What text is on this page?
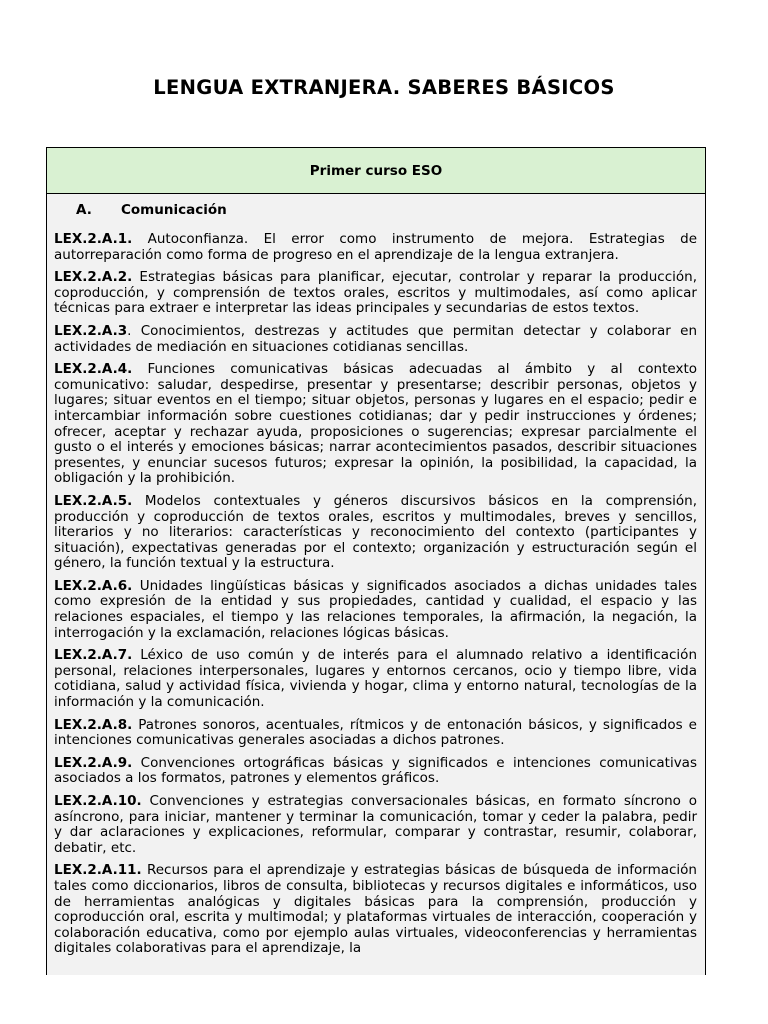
LENGUA EXTRANJERA. SABERES BÁSICOS
Primer curso ESO
A.	Comunicación

LEX.2.A.1. Autoconfianza. El error como instrumento de mejora. Estrategias de autorreparación como forma de progreso en el aprendizaje de la lengua extranjera.

LEX.2.A.2. Estrategias básicas para planificar, ejecutar, controlar y reparar la producción, coproducción, y comprensión de textos orales, escritos y multimodales, así como aplicar técnicas para extraer e interpretar las ideas principales y secundarias de estos textos.

LEX.2.A.3. Conocimientos, destrezas y actitudes que permitan detectar y colaborar en actividades de mediación en situaciones cotidianas sencillas.

LEX.2.A.4. Funciones comunicativas básicas adecuadas al ámbito y al contexto comunicativo: saludar, despedirse, presentar y presentarse; describir personas, objetos y lugares; situar eventos en el tiempo; situar objetos, personas y lugares en el espacio; pedir e intercambiar información sobre cuestiones cotidianas; dar y pedir instrucciones y órdenes; ofrecer, aceptar y rechazar ayuda, proposiciones o sugerencias; expresar parcialmente el gusto o el interés y emociones básicas; narrar acontecimientos pasados, describir situaciones presentes, y enunciar sucesos futuros; expresar la opinión, la posibilidad, la capacidad, la obligación y la prohibición.

LEX.2.A.5. Modelos contextuales y géneros discursivos básicos en la comprensión, producción y coproducción de textos orales, escritos y multimodales, breves y sencillos, literarios y no literarios: características y reconocimiento del contexto (participantes y situación), expectativas generadas por el contexto; organización y estructuración según el género, la función textual y la estructura.

LEX.2.A.6. Unidades lingüísticas básicas y significados asociados a dichas unidades tales como expresión de la entidad y sus propiedades, cantidad y cualidad, el espacio y las relaciones espaciales, el tiempo y las relaciones temporales, la afirmación, la negación, la interrogación y la exclamación, relaciones lógicas básicas.

LEX.2.A.7. Léxico de uso común y de interés para el alumnado relativo a identificación personal, relaciones interpersonales, lugares y entornos cercanos, ocio y tiempo libre, vida cotidiana, salud y actividad física, vivienda y hogar, clima y entorno natural, tecnologías de la información y la comunicación.

LEX.2.A.8. Patrones sonoros, acentuales, rítmicos y de entonación básicos, y significados e intenciones comunicativas generales asociadas a dichos patrones.

LEX.2.A.9. Convenciones ortográficas básicas y significados e intenciones comunicativas asociados a los formatos, patrones y elementos gráficos.

LEX.2.A.10. Convenciones y estrategias conversacionales básicas, en formato síncrono o asíncrono, para iniciar, mantener y terminar la comunicación, tomar y ceder la palabra, pedir y dar aclaraciones y explicaciones, reformular, comparar y contrastar, resumir, colaborar, debatir, etc.

LEX.2.A.11. Recursos para el aprendizaje y estrategias básicas de búsqueda de información tales como diccionarios, libros de consulta, bibliotecas y recursos digitales e informáticos, uso de herramientas analógicas y digitales básicas para la comprensión, producción y coproducción oral, escrita y multimodal; y plataformas virtuales de interacción, cooperación y colaboración educativa, como por ejemplo aulas virtuales, videoconferencias y herramientas digitales colaborativas para el aprendizaje, la
